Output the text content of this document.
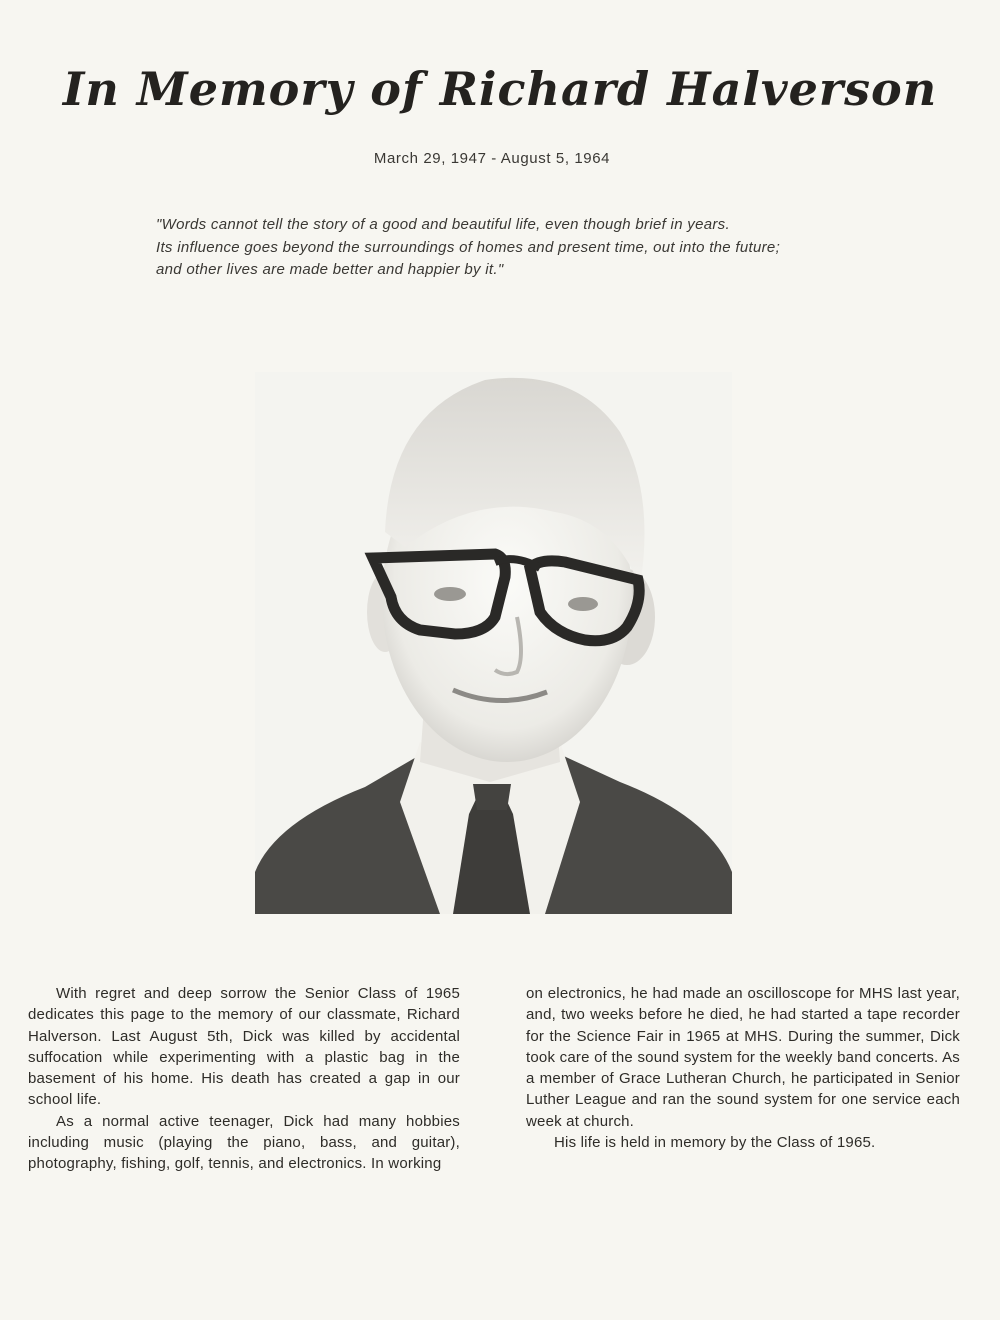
In Memory of Richard Halverson
March 29, 1947 - August 5, 1964
"Words cannot tell the story of a good and beautiful life, even though brief in years.
Its influence goes beyond the surroundings of homes and present time, out into the future;
and other lives are made better and happier by it."

With regret and deep sorrow the Senior Class of 1965 dedicates this page to the memory of our classmate, Richard Halverson. Last August 5th, Dick was killed by accidental suffocation while experimenting with a plastic bag in the basement of his home. His death has created a gap in our school life.

As a normal active teenager, Dick had many hobbies including music (playing the piano, bass, and guitar), photography, fishing, golf, tennis, and electronics. In working

on electronics, he had made an oscilloscope for MHS last year, and, two weeks before he died, he had started a tape recorder for the Science Fair in 1965 at MHS. During the summer, Dick took care of the sound system for the weekly band concerts. As a member of Grace Lutheran Church, he participated in Senior Luther League and ran the sound system for one service each week at church.

His life is held in memory by the Class of 1965.
